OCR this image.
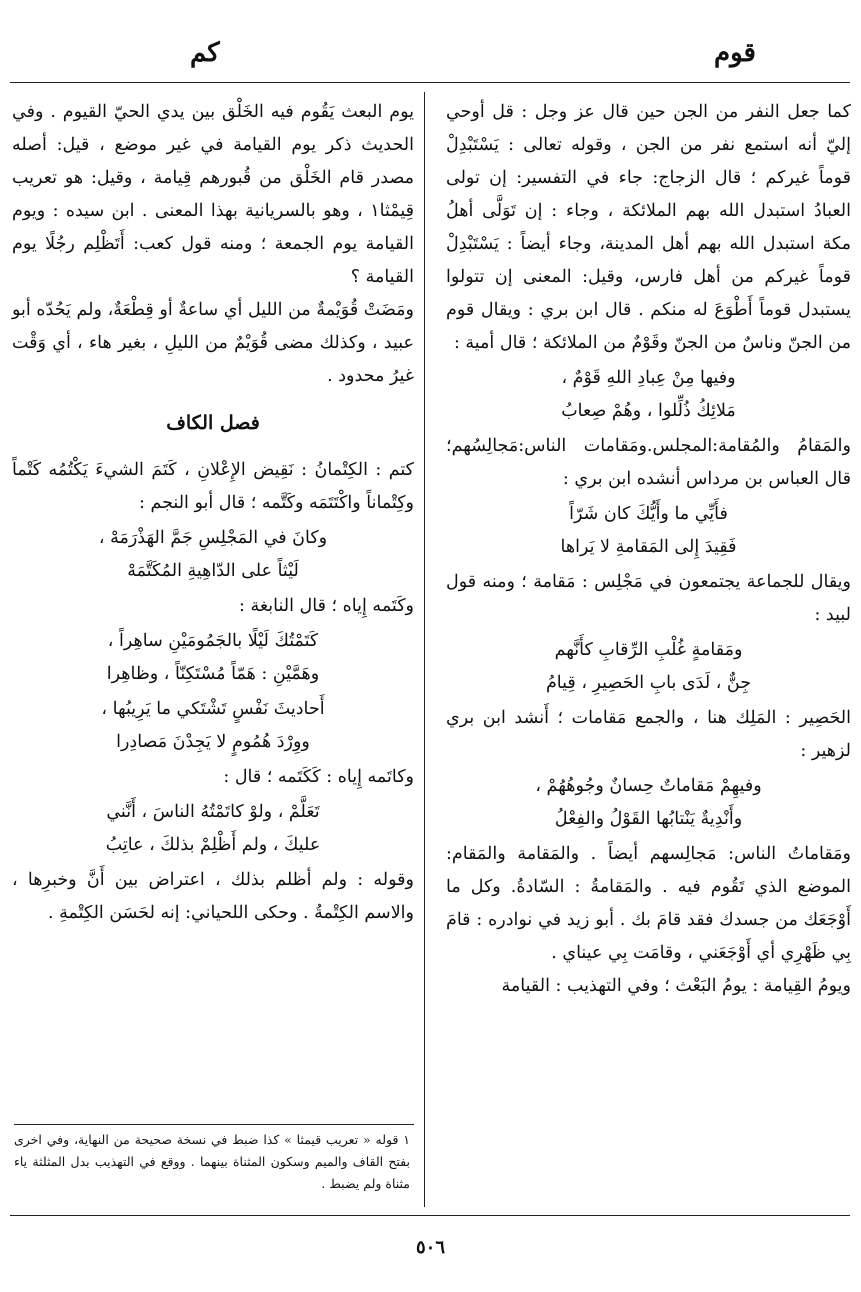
قوم
كم

كما جعل النفر من الجن حين قال عز وجل : قل أوحي إليّ أنه استمع نفر من الجن ، وقوله تعالى : يَسْتَبْدِلْ قوماً غيركم ؛ قال الزجاج: جاء في التفسير: إن تولى العبادُ استبدل الله بهم الملائكة ، وجاء : إن تَوَلَّى أهلُ مكة استبدل الله بهم أهل المدينة، وجاء أيضاً : يَسْتَبْدِلْ قوماً غيركم من أهل فارس، وقيل: المعنى إن تتولوا يستبدل قوماً أَطْوَعَ له منكم . قال ابن بري : ويقال قوم من الجنّ وناسٌ من الجنّ وقَوْمٌ من الملائكة ؛ قال أمية :

وفيها مِنْ عِبادِ اللهِ قَوْمٌ ،
مَلائِكُ ذُلِّلوا ، وهُمْ صِعابُ

والمَقامُ والمُقامة:المجلس.ومَقامات الناس:مَجالِسُهم؛ قال العباس بن مرداس أنشده ابن بري :

فأَيِّي ما وأَيُّكَ كان شَرّاً
فَقِيدَ إِلى المَقامةِ لا يَراها

ويقال للجماعة يجتمعون في مَجْلِس : مَقامة ؛ ومنه قول لبيد :

ومَقامةٍ غُلْبِ الرِّقابِ كأَنَّهم
جِنٌّ ، لَدَى بابِ الحَصِيرِ ، قِيامُ

الحَصِير : المَلِك هنا ، والجمع مَقامات ؛ أَنشد ابن بري لزهير :

وفيهِمْ مَقاماتٌ حِسانٌ وجُوهُهُمْ ،
وأَنْدِيةٌ يَنْتابُها القَوْلُ والفِعْلُ

ومَقاماتُ الناس: مَجالِسهم أيضاً . والمَقامة والمَقام: الموضع الذي تَقُوم فيه . والمَقامةُ : السّادةُ. وكل ما أَوْجَعَك من جسدك فقد قامَ بك . أبو زيد في نوادره : قامَ بِي ظَهْرِي أي أَوْجَعَني ، وقامَت بِي عيناي .

ويومُ القِيامة : يومُ البَعْث ؛ وفي التهذيب : القيامة

يوم البعث يَقُوم فيه الخَلْق بين يدي الحيّ القيوم . وفي الحديث ذكر يوم القيامة في غير موضع ، قيل: أصله مصدر قام الخَلْق من قُبورهم قِيامة ، وقيل: هو تعريب قِيمْثا١ ، وهو بالسريانية بهذا المعنى . ابن سيده : ويوم القيامة يوم الجمعة ؛ ومنه قول كعب: أَتَظْلِم رجُلًا يوم القيامة ؟

ومَضَتْ قُوَيْمةٌ من الليل أي ساعةٌ أو قِطْعَةٌ، ولم يَحُدّه أبو عبيد ، وكذلك مضى قُوَيْمٌ من الليلِ ، بغير هاء ، أي وَقْت غيرُ محدود .

فصل الكاف

كتم : الكِتْمانُ : نَقِيض الإِعْلانِ ، كَتَمَ الشيءَ يَكْتُمُه كَتْماً وكِتْماناً واكْتَتَمَه وكَتَّمه ؛ قال أبو النجم :

وكانَ في المَجْلِسِ جَمَّ الهَذْرَمَهْ ،
لَيْثاً على الدّاهِيةِ المُكَتَّمَهْ

وكَتَمه إِياه ؛ قال النابغة :

كَتَمْتُكَ لَيْلًا بالجَمُومَيْنِ ساهِراً ،
وهَمَّيْنِ : هَمّاً مُسْتَكِنّاً ، وظاهِرا
أَحاديثَ نَفْسٍ تَشْتَكي ما يَرِيبُها ،
ووِرْدَ هُمُومٍ لا يَجِدْنَ مَصادِرا

وكاتَمه إِياه : كَكَتَمه ؛ قال :

تَعَلَّمْ ، ولوْ كاتَمْتُهُ الناسَ ، أَنَّني
عليكَ ، ولم أَظْلِمْ بذلكَ ، عاتِبُ

وقوله : ولم أظلم بذلك ، اعتراض بين أَنَّ وخبرِها ، والاسم الكِتْمةُ . وحكى اللحياني: إنه لحَسَن الكِتْمةِ .

١ قوله « تعريب قيمثا » كذا ضبط في نسخة صحيحة من النهاية، وفي اخرى بفتح القاف والميم وسكون المثناة بينهما . ووقع في التهذيب بدل المثلثة ياء مثناة ولم يضبط .
٥٠٦
